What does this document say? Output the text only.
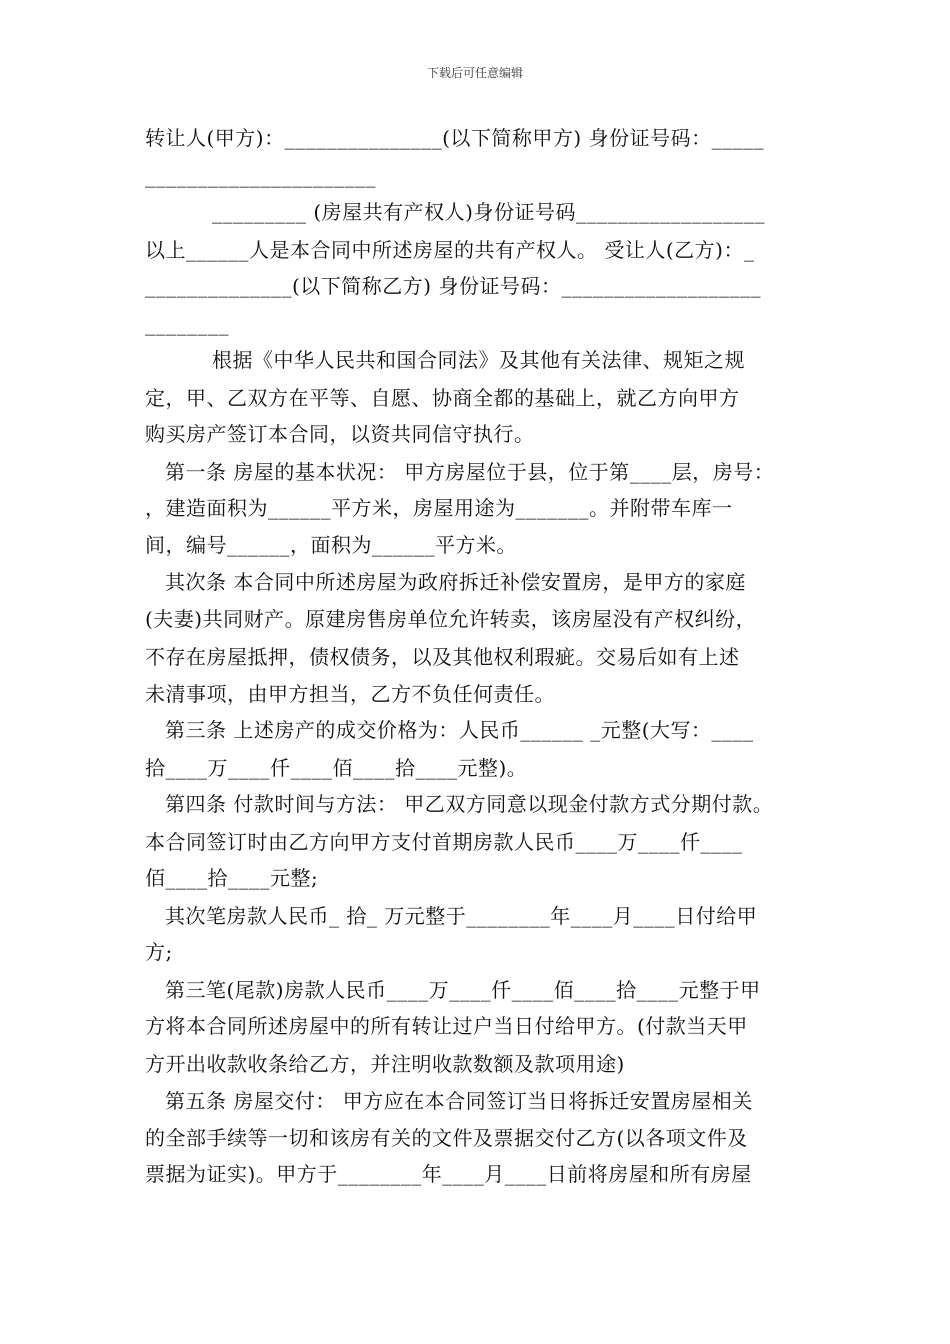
下载后可任意编辑
转让人(甲方)：_______________(以下简称甲方) 身份证号码：_____
______________________
_________ (房屋共有产权人)身份证号码__________________
以上______人是本合同中所述房屋的共有产权人。 受让人(乙方)：_
______________(以下简称乙方) 身份证号码：___________________
________
根据《中华人民共和国合同法》及其他有关法律、规矩之规
定，甲、乙双方在平等、自愿、协商全都的基础上，就乙方向甲方
购买房产签订本合同，以资共同信守执行。
第一条 房屋的基本状况： 甲方房屋位于县，位于第____层，房号：
，建造面积为______平方米，房屋用途为_______。并附带车库一
间，编号______，面积为______平方米。
其次条 本合同中所述房屋为政府拆迁补偿安置房，是甲方的家庭
(夫妻)共同财产。原建房售房单位允许转卖，该房屋没有产权纠纷，
不存在房屋抵押，债权债务，以及其他权利瑕疵。交易后如有上述
未清事项，由甲方担当，乙方不负任何责任。
第三条 上述房产的成交价格为：人民币______ _元整(大写：____
拾____万____仟____佰____拾____元整)。
第四条 付款时间与方法： 甲乙双方同意以现金付款方式分期付款。
本合同签订时由乙方向甲方支付首期房款人民币____万____仟____
佰____拾____元整;
其次笔房款人民币_ 拾_ 万元整于________年____月____日付给甲
方;
第三笔(尾款)房款人民币____万____仟____佰____拾____元整于甲
方将本合同所述房屋中的所有转让过户当日付给甲方。(付款当天甲
方开出收款收条给乙方，并注明收款数额及款项用途)
第五条 房屋交付： 甲方应在本合同签订当日将拆迁安置房屋相关
的全部手续等一切和该房有关的文件及票据交付乙方(以各项文件及
票据为证实)。甲方于________年____月____日前将房屋和所有房屋
